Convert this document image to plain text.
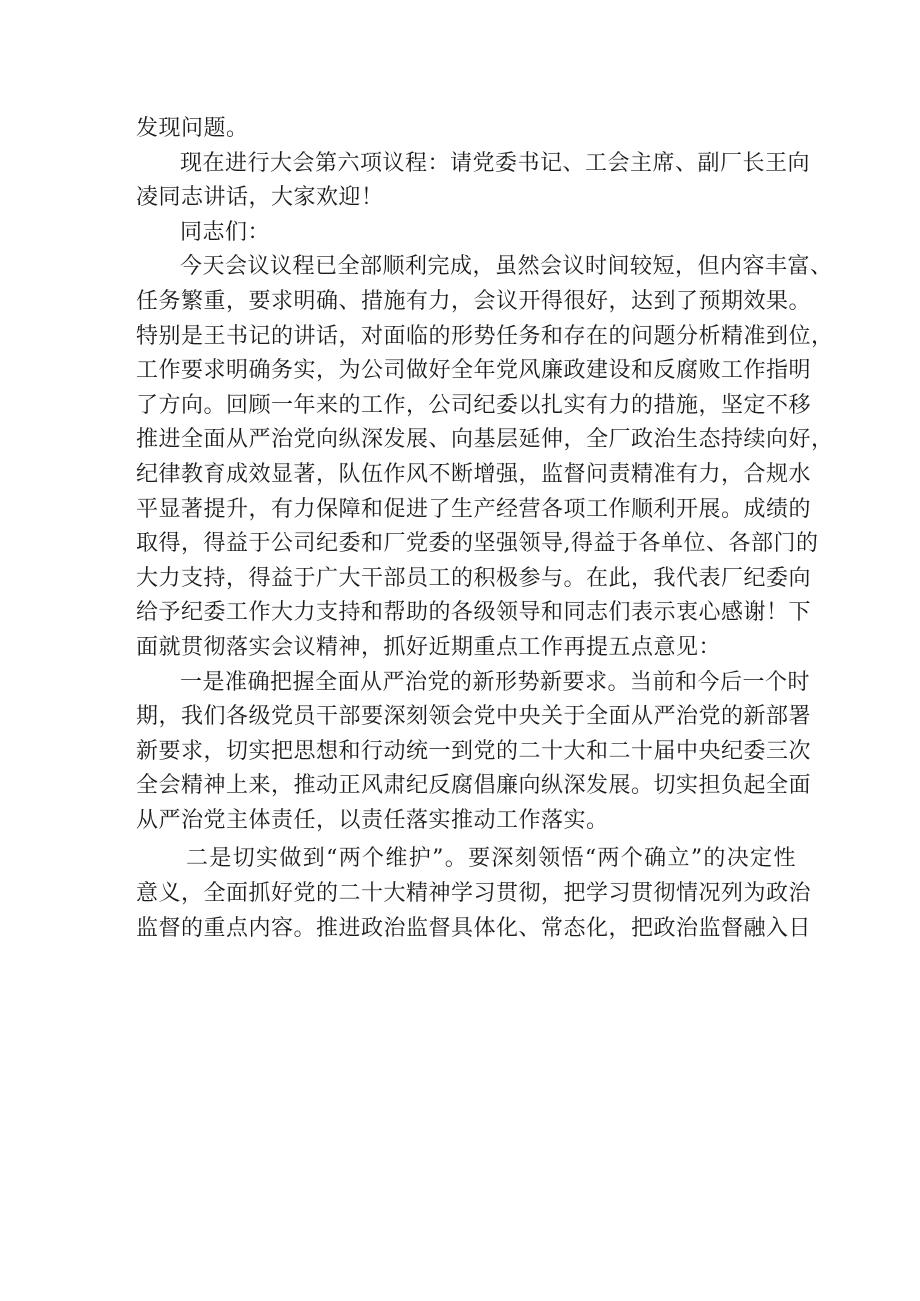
发现问题。
现在进行大会第六项议程：请党委书记、工会主席、副厂长王向
凌同志讲话，大家欢迎！
同志们：
今天会议议程已全部顺利完成，虽然会议时间较短，但内容丰富、
任务繁重，要求明确、措施有力，会议开得很好，达到了预期效果。
特别是王书记的讲话，对面临的形势任务和存在的问题分析精准到位，
工作要求明确务实，为公司做好全年党风廉政建设和反腐败工作指明
了方向。回顾一年来的工作，公司纪委以扎实有力的措施，坚定不移
推进全面从严治党向纵深发展、向基层延伸，全厂政治生态持续向好，
纪律教育成效显著，队伍作风不断增强，监督问责精准有力，合规水
平显著提升，有力保障和促进了生产经营各项工作顺利开展。成绩的
取得，得益于公司纪委和厂党委的坚强领导,得益于各单位、各部门的
大力支持，得益于广大干部员工的积极参与。在此，我代表厂纪委向
给予纪委工作大力支持和帮助的各级领导和同志们表示衷心感谢！下
面就贯彻落实会议精神，抓好近期重点工作再提五点意见：
一是准确把握全面从严治党的新形势新要求。当前和今后一个时
期，我们各级党员干部要深刻领会党中央关于全面从严治党的新部署
新要求，切实把思想和行动统一到党的二十大和二十届中央纪委三次
全会精神上来，推动正风肃纪反腐倡廉向纵深发展。切实担负起全面
从严治党主体责任，以责任落实推动工作落实。
二是切实做到“两个维护”。要深刻领悟“两个确立”的决定性
意义，全面抓好党的二十大精神学习贯彻，把学习贯彻情况列为政治
监督的重点内容。推进政治监督具体化、常态化，把政治监督融入日
